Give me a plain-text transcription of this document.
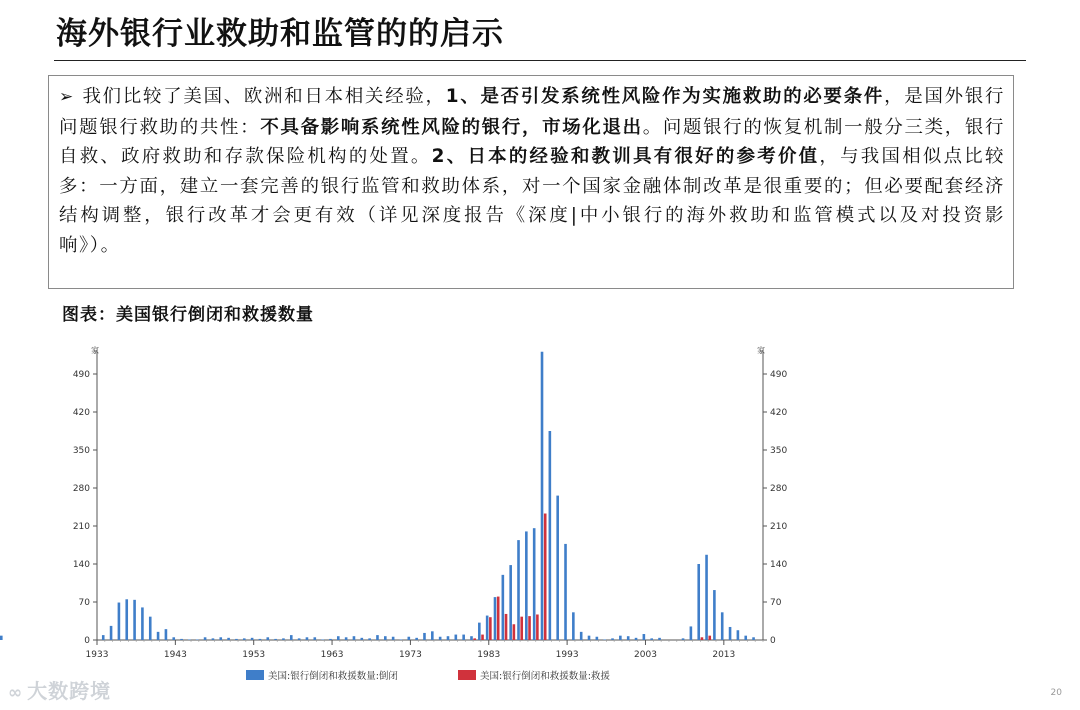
海外银行业救助和监管的的启示

➢ 我们比较了美国、欧洲和日本相关经验，1、是否引发系统性风险作为实施救助的必要条件，是国外银行问题银行救助的共性：不具备影响系统性风险的银行，市场化退出。问题银行的恢复机制一般分三类，银行自救、政府救助和存款保险机构的处置。2、日本的经验和教训具有很好的参考价值，与我国相似点比较多：一方面，建立一套完善的银行监管和救助体系，对一个国家金融体制改革是很重要的；但必要配套经济结构调整，银行改革才会更有效（详见深度报告《深度|中小银行的海外救助和监管模式以及对投资影响》）。

图表：美国银行倒闭和救援数量
家	家
0	0
70	70
140	140
210	210
280	280
350	350
420	420
490	490
1933	1943	1953	1963	1973	1983	1993	2003	2013
美国:银行倒闭和救援数量:倒闭	美国:银行倒闭和救援数量:救援
∞ 大数跨境	20
